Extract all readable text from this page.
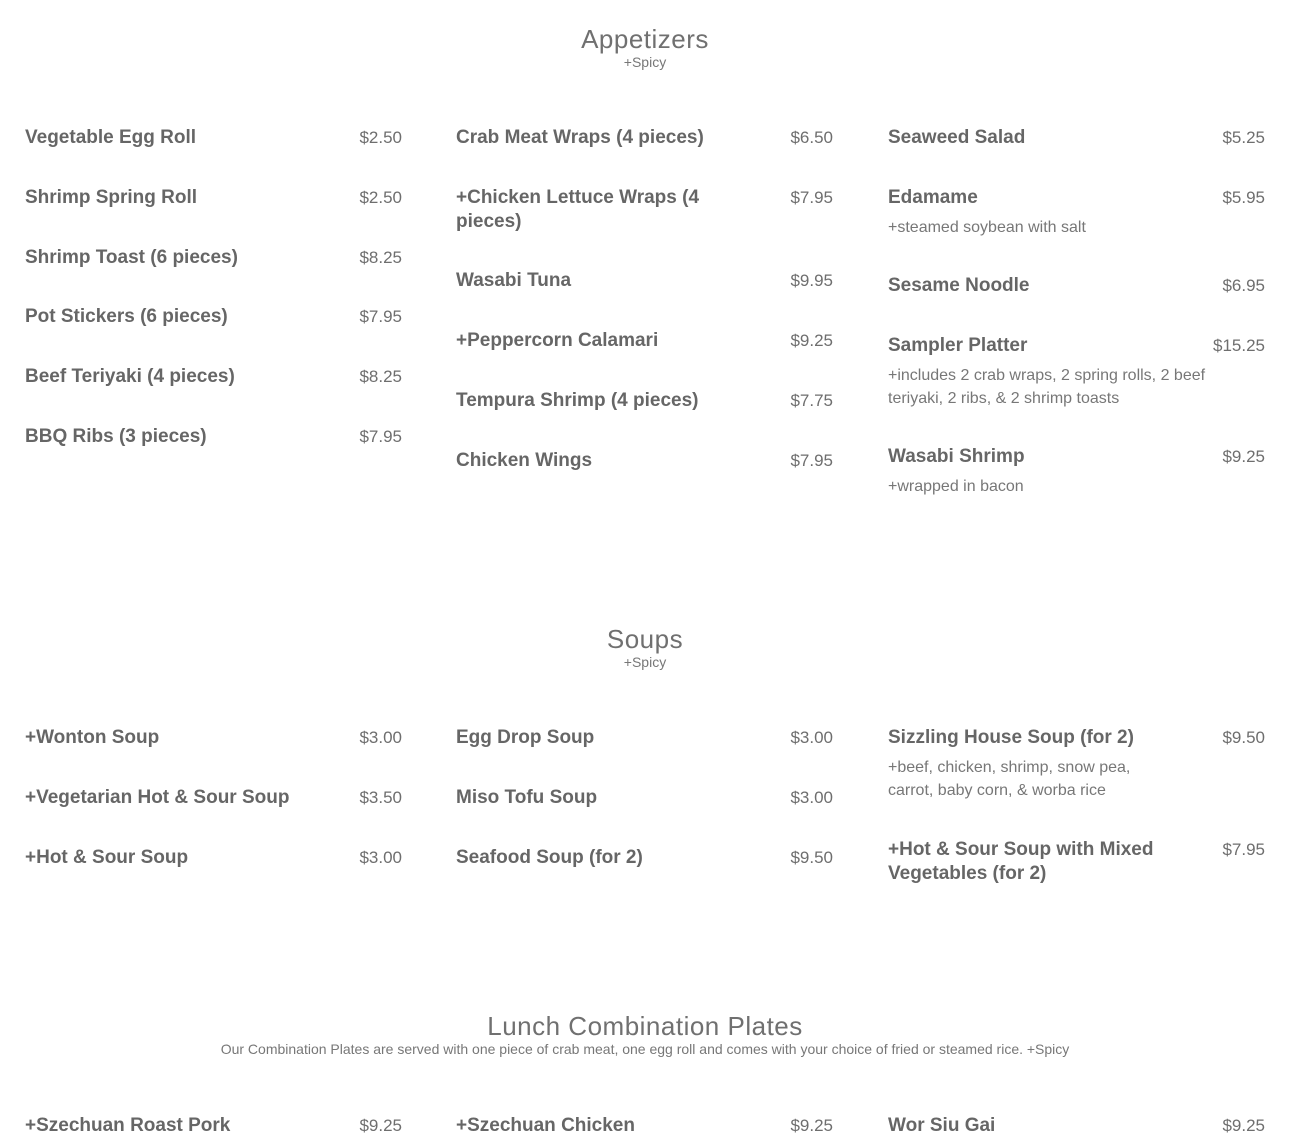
Appetizers
+Spicy
Vegetable Egg Roll	$2.50
Shrimp Spring Roll	$2.50
Shrimp Toast (6 pieces)	$8.25
Pot Stickers (6 pieces)	$7.95
Beef Teriyaki (4 pieces)	$8.25
BBQ Ribs (3 pieces)	$7.95
Crab Meat Wraps (4 pieces)	$6.50
+Chicken Lettuce Wraps (4 pieces)
$7.95
Wasabi Tuna	$9.95
+Peppercorn Calamari	$9.25
Tempura Shrimp (4 pieces)	$7.75
Chicken Wings	$7.95
Seaweed Salad	$5.25
Edamame	$5.95
+steamed soybean with salt
Sesame Noodle	$6.95
Sampler Platter	$15.25
+includes 2 crab wraps, 2 spring rolls, 2 beef teriyaki, 2 ribs, & 2 shrimp toasts
Wasabi Shrimp	$9.25
+wrapped in bacon
Soups
+Spicy
+Wonton Soup	$3.00
+Vegetarian Hot & Sour Soup	$3.50
+Hot & Sour Soup	$3.00
Egg Drop Soup	$3.00
Miso Tofu Soup	$3.00
Seafood Soup (for 2)	$9.50
Sizzling House Soup (for 2)	$9.50
+beef, chicken, shrimp, snow pea, carrot, baby corn, & worba rice
+Hot & Sour Soup with Mixed Vegetables (for 2)
$7.95
Lunch Combination Plates
Our Combination Plates are served with one piece of crab meat, one egg roll and comes with your choice of fried or steamed rice. +Spicy
+Szechuan Roast Pork	$9.25	+Szechuan Chicken	$9.25	Wor Siu Gai	$9.25
